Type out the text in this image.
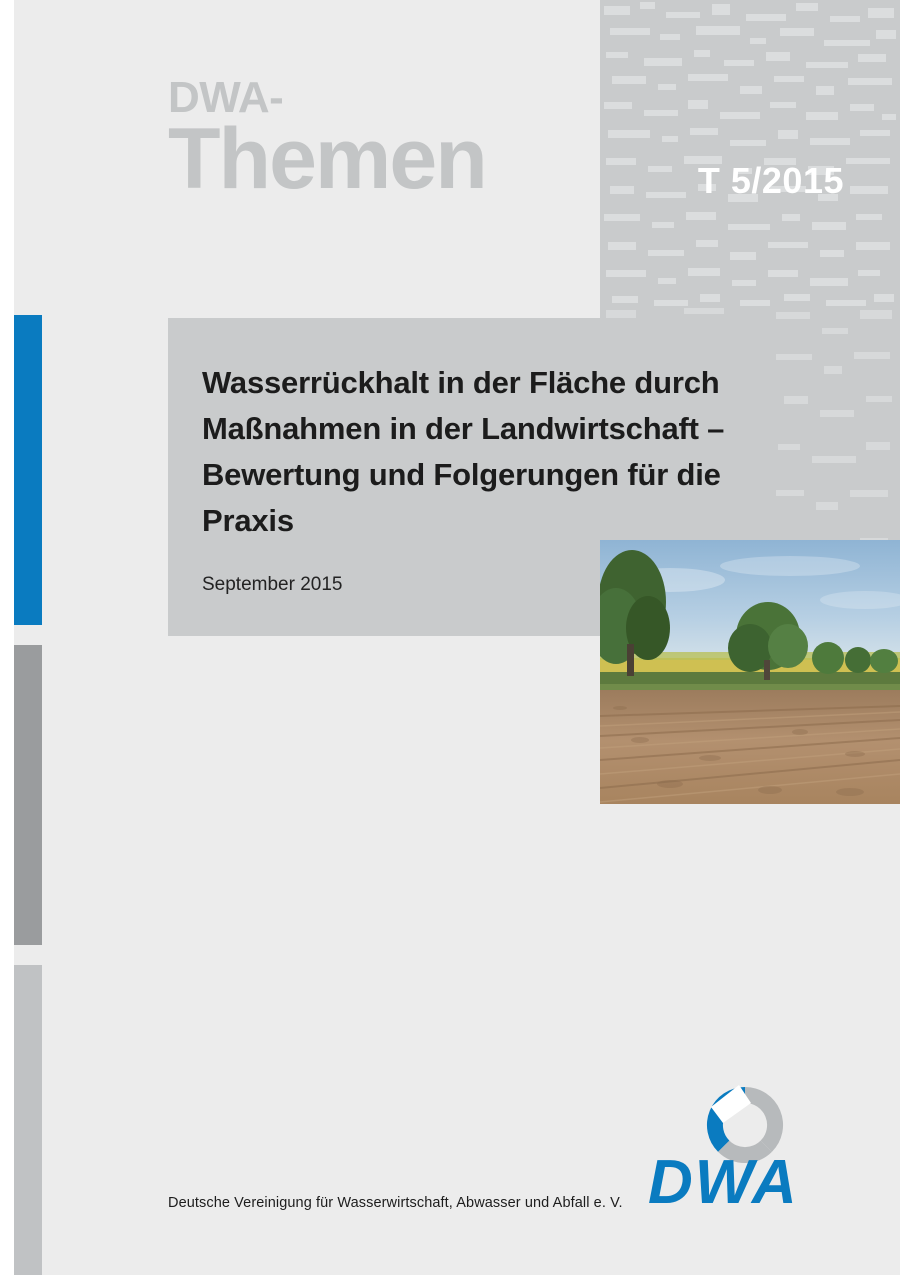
DWA-
Themen	T 5/2015
Wasserrückhalt in der Fläche durch Maßnahmen in der Landwirtschaft – Bewertung und Folgerungen für die Praxis
September 2015
DWA
Deutsche Vereinigung für Wasserwirtschaft, Abwasser und Abfall e. V.
